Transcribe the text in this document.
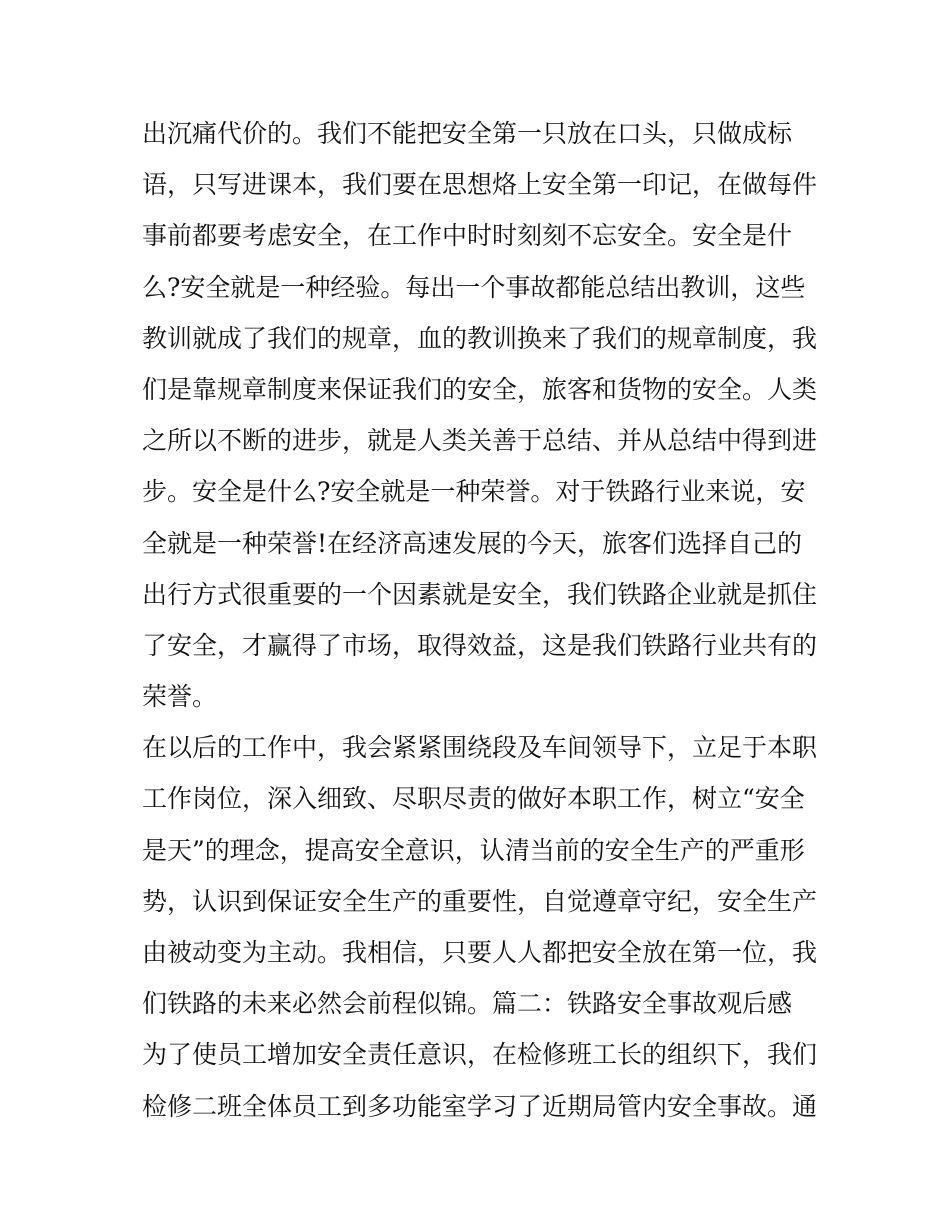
出沉痛代价的。我们不能把安全第一只放在口头，只做成标
语，只写进课本，我们要在思想烙上安全第一印记，在做每件
事前都要考虑安全，在工作中时时刻刻不忘安全。安全是什
么?安全就是一种经验。每出一个事故都能总结出教训，这些
教训就成了我们的规章，血的教训换来了我们的规章制度，我
们是靠规章制度来保证我们的安全，旅客和货物的安全。人类
之所以不断的进步，就是人类关善于总结、并从总结中得到进
步。安全是什么?安全就是一种荣誉。对于铁路行业来说，安
全就是一种荣誉!在经济高速发展的今天，旅客们选择自己的
出行方式很重要的一个因素就是安全，我们铁路企业就是抓住
了安全，才赢得了市场，取得效益，这是我们铁路行业共有的
荣誉。
在以后的工作中，我会紧紧围绕段及车间领导下，立足于本职
工作岗位，深入细致、尽职尽责的做好本职工作，树立“安全
是天”的理念，提高安全意识，认清当前的安全生产的严重形
势，认识到保证安全生产的重要性，自觉遵章守纪，安全生产
由被动变为主动。我相信，只要人人都把安全放在第一位，我
们铁路的未来必然会前程似锦。篇二：铁路安全事故观后感
为了使员工增加安全责任意识，在检修班工长的组织下，我们
检修二班全体员工到多功能室学习了近期局管内安全事故。通
